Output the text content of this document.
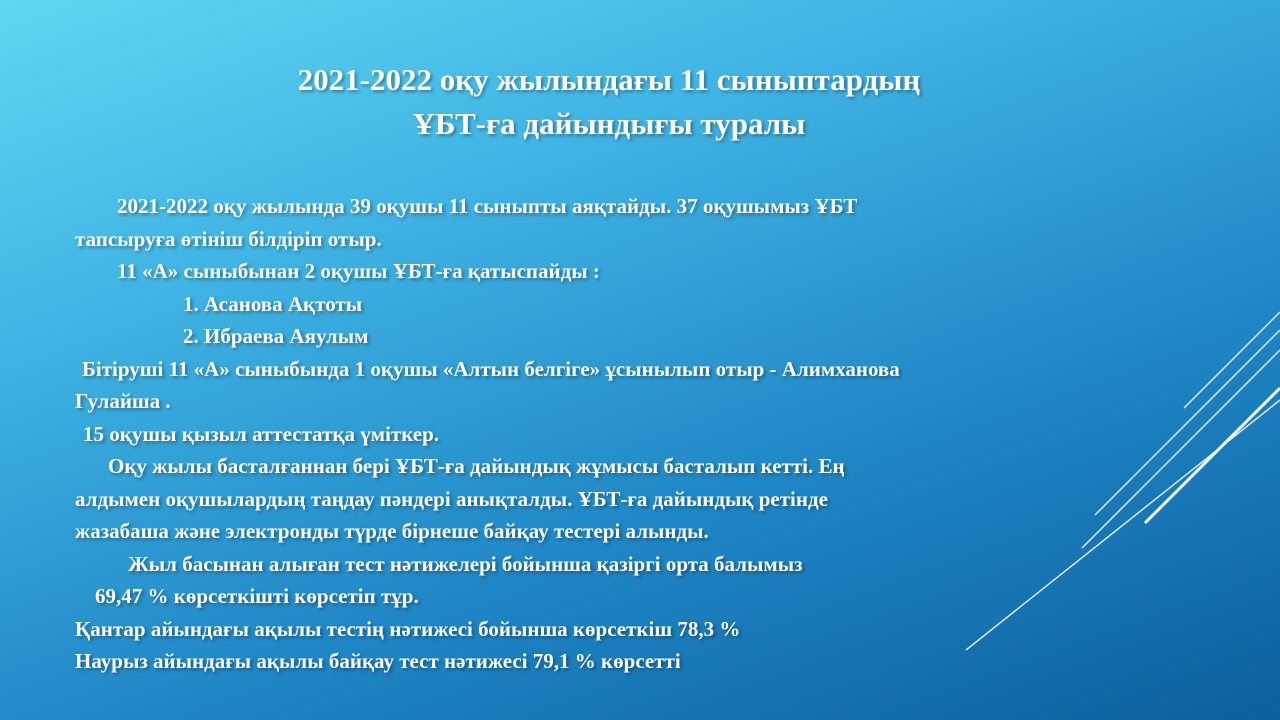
2021-2022 оқу жылындағы 11 сыныптардың
ҰБТ-ға дайындығы туралы
2021-2022 оқу жылында 39 оқушы 11 сыныпты аяқтайды. 37 оқушымыз ҰБТ
тапсыруға өтініш білдіріп отыр.
11 «А» сыныбынан 2 оқушы ҰБТ-ға қатыспайды :
1. Асанова Ақтоты
2. Ибраева Аяулым
Бітіруші 11 «А» сыныбында 1 оқушы «Алтын белгіге» ұсынылып отыр - Алимханова
Гулайша .
15 оқушы қызыл аттестатқа үміткер.
Оқу жылы басталғаннан бері ҰБТ-ға дайындық жұмысы басталып кетті. Ең
алдымен оқушылардың таңдау пәндері анықталды. ҰБТ-ға дайындық ретінде
жазабаша және электронды түрде бірнеше байқау тестері алынды.
Жыл басынан алыған тест нәтижелері бойынша қазіргі орта балымыз
69,47 % көрсеткішті көрсетіп тұр.
Қантар айындағы ақылы тестің нәтижесі бойынша көрсеткіш 78,3 %
Наурыз айындағы ақылы байқау тест нәтижесі 79,1 % көрсетті
